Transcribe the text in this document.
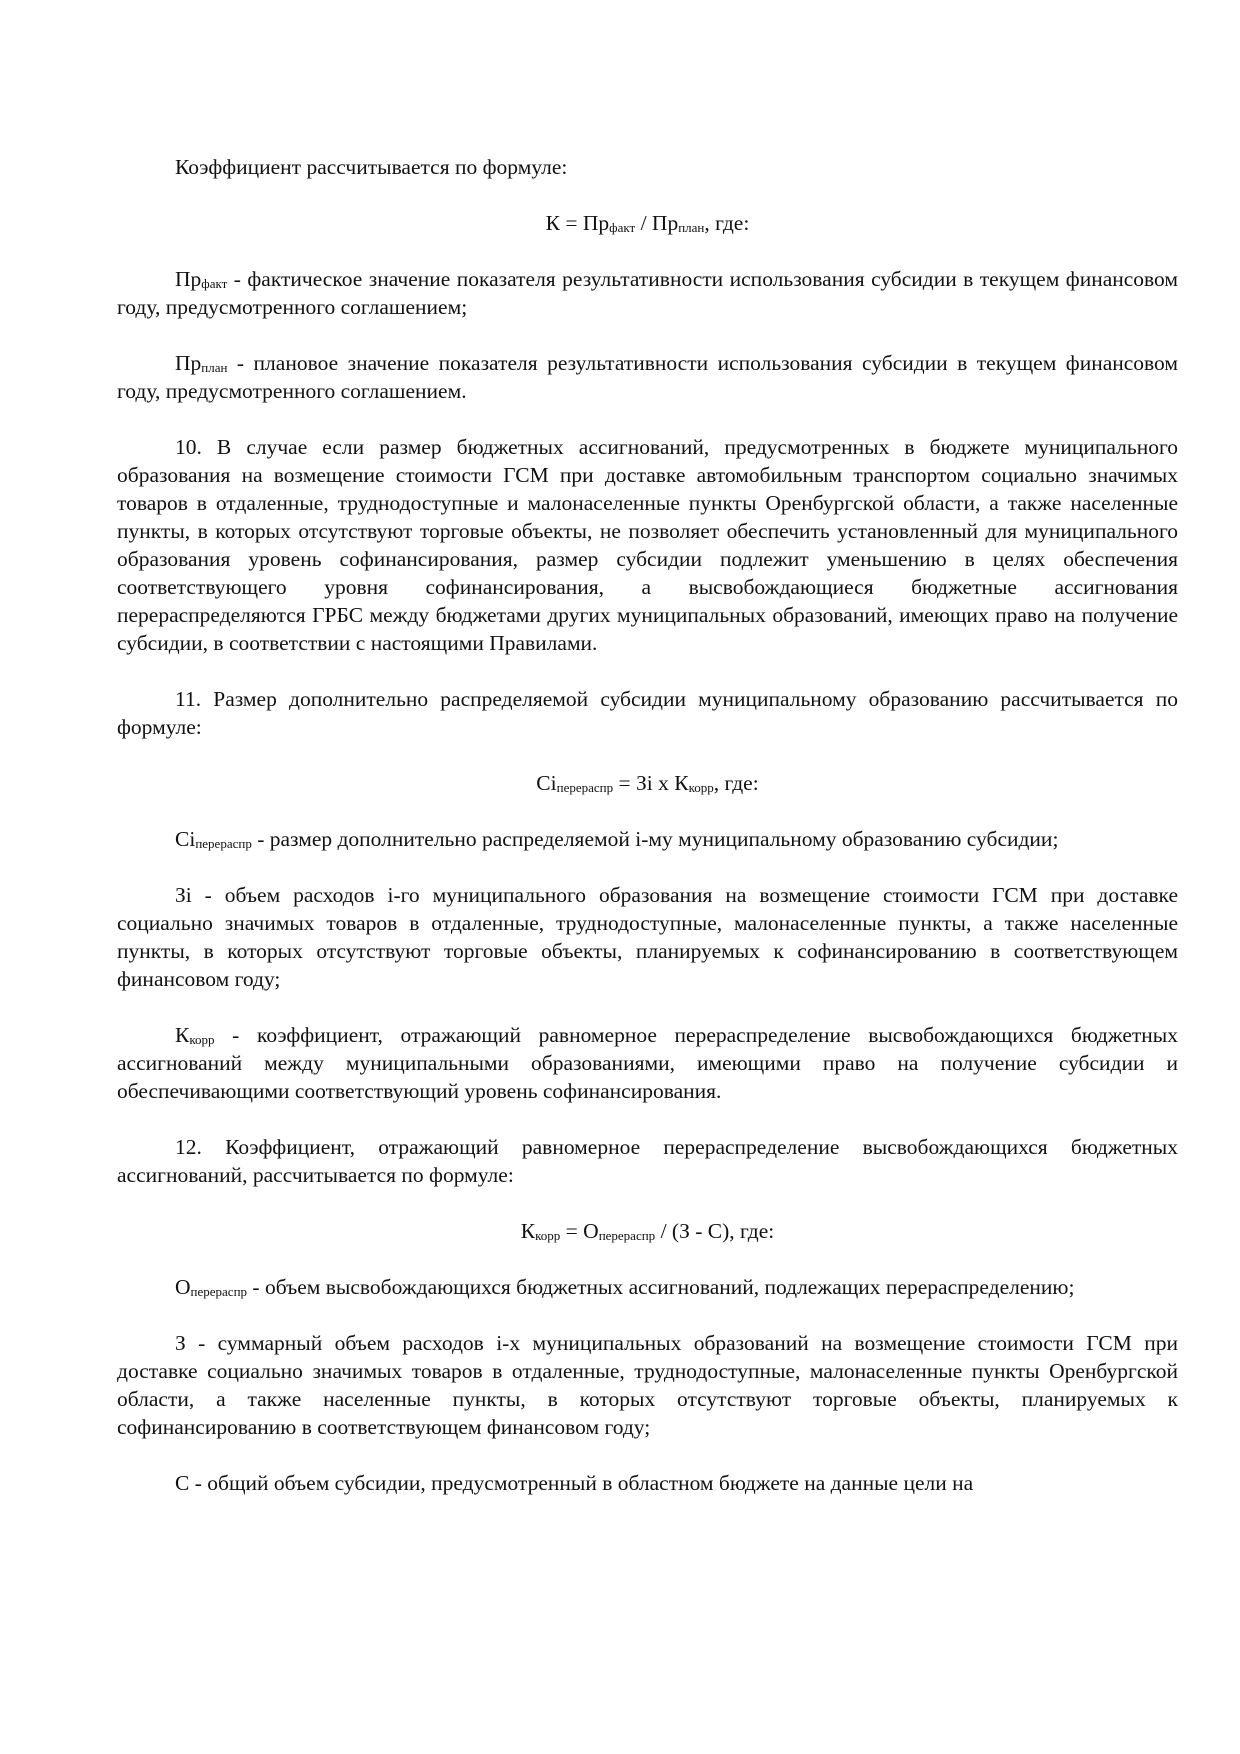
Коэффициент рассчитывается по формуле:

$К = Пр_{факт} / Пр_{план}$, где:

$Пр_{факт}$ - фактическое значение показателя результативности использования субсидии в текущем финансовом году, предусмотренного соглашением;

$Пр_{план}$ - плановое значение показателя результативности использования субсидии в текущем финансовом году, предусмотренного соглашением.

10. В случае если размер бюджетных ассигнований, предусмотренных в бюджете муниципального образования на возмещение стоимости ГСМ при доставке автомобильным транспортом социально значимых товаров в отдаленные, труднодоступные и малонаселенные пункты Оренбургской области, а также населенные пункты, в которых отсутствуют торговые объекты, не позволяет обеспечить установленный для муниципального образования уровень софинансирования, размер субсидии подлежит уменьшению в целях обеспечения соответствующего уровня софинансирования, а высвобождающиеся бюджетные ассигнования перераспределяются ГРБС между бюджетами других муниципальных образований, имеющих право на получение субсидии, в соответствии с настоящими Правилами.

11. Размер дополнительно распределяемой субсидии муниципальному образованию рассчитывается по формуле:

$Ci_{перераспр}$ = Зi x $К_{корр}$, где:

$Ci_{перераспр}$ - размер дополнительно распределяемой i-му муниципальному образованию субсидии;

Зi - объем расходов i-го муниципального образования на возмещение стоимости ГСМ при доставке социально значимых товаров в отдаленные, труднодоступные, малонаселенные пункты, а также населенные пункты, в которых отсутствуют торговые объекты, планируемых к софинансированию в соответствующем финансовом году;

$К_{корр}$ - коэффициент, отражающий равномерное перераспределение высвобождающихся бюджетных ассигнований между муниципальными образованиями, имеющими право на получение субсидии и обеспечивающими соответствующий уровень софинансирования.

12. Коэффициент, отражающий равномерное перераспределение высвобождающихся бюджетных ассигнований, рассчитывается по формуле:

$К_{корр} = О_{перераспр} / (З - С)$, где:

$О_{перераспр}$ - объем высвобождающихся бюджетных ассигнований, подлежащих перераспределению;

З - суммарный объем расходов i-х муниципальных образований на возмещение стоимости ГСМ при доставке социально значимых товаров в отдаленные, труднодоступные, малонаселенные пункты Оренбургской области, а также населенные пункты, в которых отсутствуют торговые объекты, планируемых к софинансированию в соответствующем финансовом году;

С - общий объем субсидии, предусмотренный в областном бюджете на данные цели на
